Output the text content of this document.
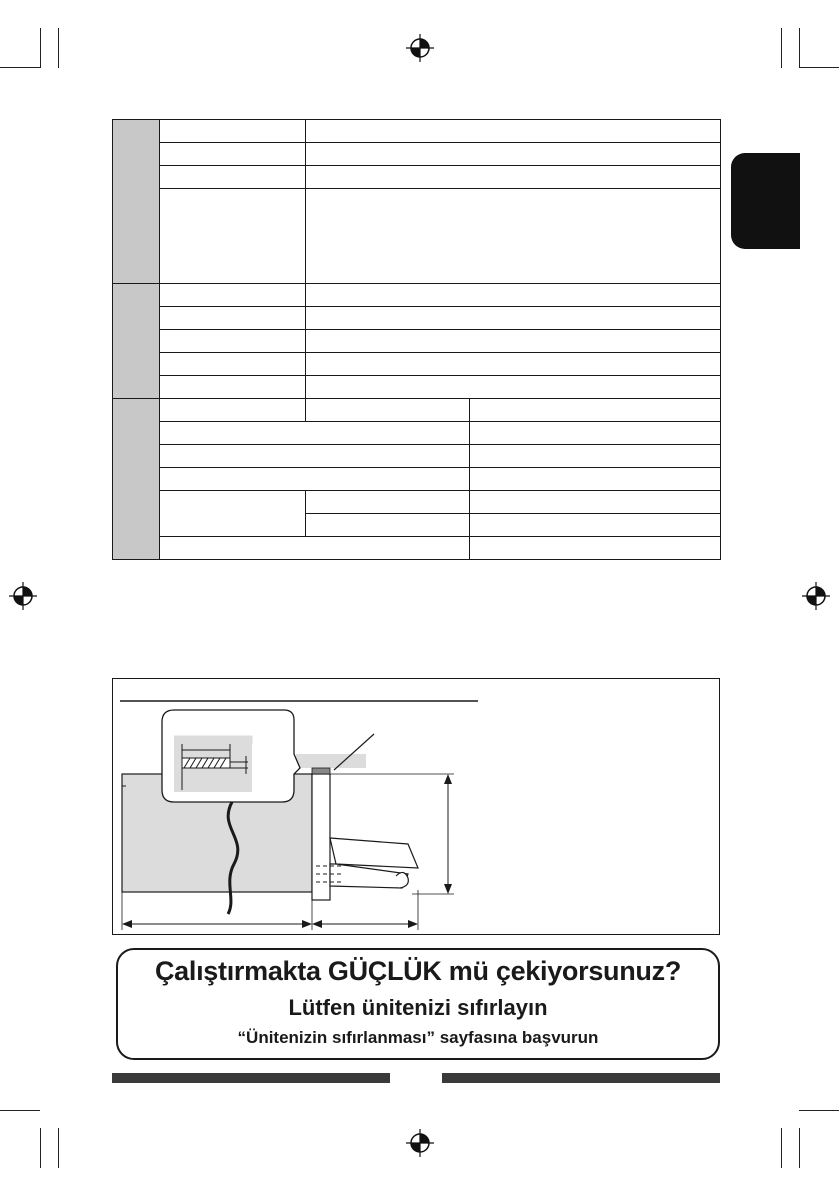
Çalıştırmakta GÜÇLÜK mü çekiyorsunuz?
Lütfen ünitenizi sıfırlayın
“Ünitenizin sıfırlanması” sayfasına başvurun
